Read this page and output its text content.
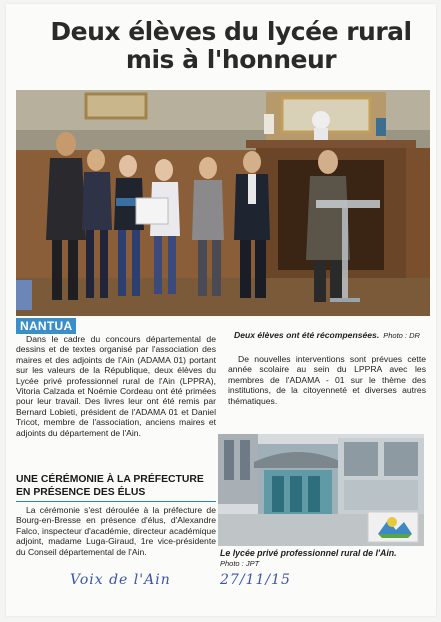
Deux élèves du lycée rural
mis à l'honneur
NANTUA
Deux élèves ont été récompensées. Photo : DR
Dans le cadre du concours départemental de dessins et de textes organisé par l'association des maires et des adjoints de l'Ain (ADAMA 01) portant sur les valeurs de la République, deux élèves du Lycée privé professionnel rural de l'Ain (LPPRA), Vitoria Calzada et Noémie Cordeau ont été primées pour leur travail. Des livres leur ont été remis par Bernard Lobieti, président de l'ADAMA 01 et Daniel Tricot, membre de l'association, anciens maires et adjoints du département de l'Ain.
De nouvelles interventions sont prévues cette année scolaire au sein du LPPRA avec les membres de l'ADAMA - 01 sur le thème des institutions, de la citoyenneté et diverses autres thématiques.
UNE CÉRÉMONIE À LA PRÉFECTURE EN PRÉSENCE DES ÉLUS
La cérémonie s'est déroulée à la préfecture de Bourg-en-Bresse en présence d'élus, d'Alexandre Falco, inspecteur d'académie, directeur académique adjoint, madame Luga-Giraud, 1re vice-présidente du Conseil départemental de l'Ain.	Le lycée privé professionnel rural de l'Ain.
Photo : JPT
Voix de l'Ain	27/11/15
